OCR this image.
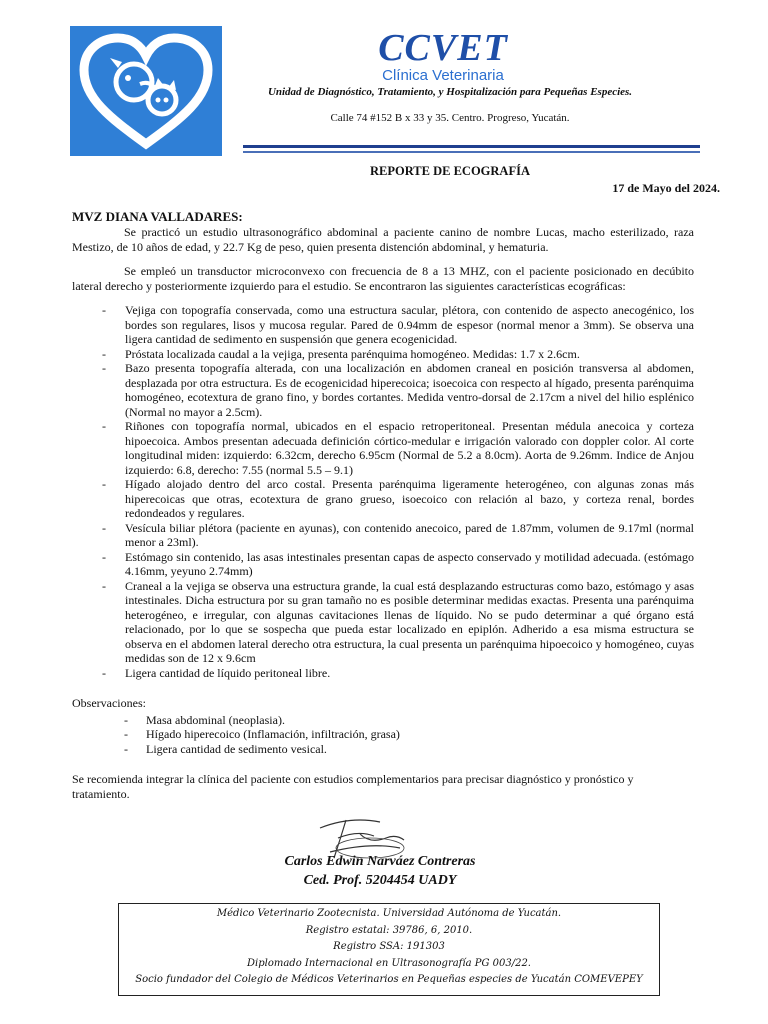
CCVET
Clínica Veterinaria
Unidad de Diagnóstico, Tratamiento, y Hospitalización para Pequeñas Especies.
Calle 74 #152 B x 33 y 35. Centro. Progreso, Yucatán.
REPORTE DE ECOGRAFÍA
17 de Mayo del 2024.
MVZ DIANA VALLADARES:

Se practicó un estudio ultrasonográfico abdominal a paciente canino de nombre Lucas, macho esterilizado, raza Mestizo, de 10 años de edad, y 22.7 Kg de peso, quien presenta distención abdominal, y hematuria.

Se empleó un transductor microconvexo con frecuencia de 8 a 13 MHZ, con el paciente posicionado en decúbito lateral derecho y posteriormente izquierdo para el estudio. Se encontraron las siguientes características ecográficas:

- Vejiga con topografía conservada, como una estructura sacular, plétora, con contenido de aspecto anecogénico, los bordes son regulares, lisos y mucosa regular. Pared de 0.94mm de espesor (normal menor a 3mm). Se observa una ligera cantidad de sedimento en suspensión que genera ecogenicidad.
- Próstata localizada caudal a la vejiga, presenta parénquima homogéneo. Medidas: 1.7 x 2.6cm.
- Bazo presenta topografía alterada, con una localización en abdomen craneal en posición transversa al abdomen, desplazada por otra estructura. Es de ecogenicidad hiperecoica; isoecoica con respecto al hígado, presenta parénquima homogéneo, ecotextura de grano fino, y bordes cortantes. Medida ventro-dorsal de 2.17cm a nivel del hilio esplénico (Normal no mayor a 2.5cm).
- Riñones con topografía normal, ubicados en el espacio retroperitoneal. Presentan médula anecoica y corteza hipoecoica. Ambos presentan adecuada definición córtico-medular e irrigación valorado con doppler color. Al corte longitudinal miden: izquierdo: 6.32cm, derecho 6.95cm (Normal de 5.2 a 8.0cm). Aorta de 9.26mm. Indice de Anjou izquierdo: 6.8, derecho: 7.55 (normal 5.5 – 9.1)
- Hígado alojado dentro del arco costal. Presenta parénquima ligeramente heterogéneo, con algunas zonas más hiperecoicas que otras, ecotextura de grano grueso, isoecoico con relación al bazo, y corteza renal, bordes redondeados y regulares.
- Vesícula biliar plétora (paciente en ayunas), con contenido anecoico, pared de 1.87mm, volumen de 9.17ml (normal menor a 23ml).
- Estómago sin contenido, las asas intestinales presentan capas de aspecto conservado y motilidad adecuada. (estómago 4.16mm, yeyuno 2.74mm)
- Craneal a la vejiga se observa una estructura grande, la cual está desplazando estructuras como bazo, estómago y asas intestinales. Dicha estructura por su gran tamaño no es posible determinar medidas exactas. Presenta una parénquima heterogéneo, e irregular, con algunas cavitaciones llenas de líquido. No se pudo determinar a qué órgano está relacionado, por lo que se sospecha que pueda estar localizado en epiplón. Adherido a esa misma estructura se observa en el abdomen lateral derecho otra estructura, la cual presenta un parénquima hipoecoico y homogéneo, cuyas medidas son de 12 x 9.6cm
- Ligera cantidad de líquido peritoneal libre.
Observaciones:
- Masa abdominal (neoplasia).
- Hígado hiperecoico (Inflamación, infiltración, grasa)
- Ligera cantidad de sedimento vesical.
Se recomienda integrar la clínica del paciente con estudios complementarios para precisar diagnóstico y pronóstico y tratamiento.
Carlos Edwin Narváez Contreras
Ced. Prof. 5204454 UADY
Médico Veterinario Zootecnista. Universidad Autónoma de Yucatán.
Registro estatal: 39786, 6, 2010.
Registro SSA: 191303
Diplomado Internacional en Ultrasonografía PG 003/22.
Socio fundador del Colegio de Médicos Veterinarios en Pequeñas especies de Yucatán COMEVEPEY
